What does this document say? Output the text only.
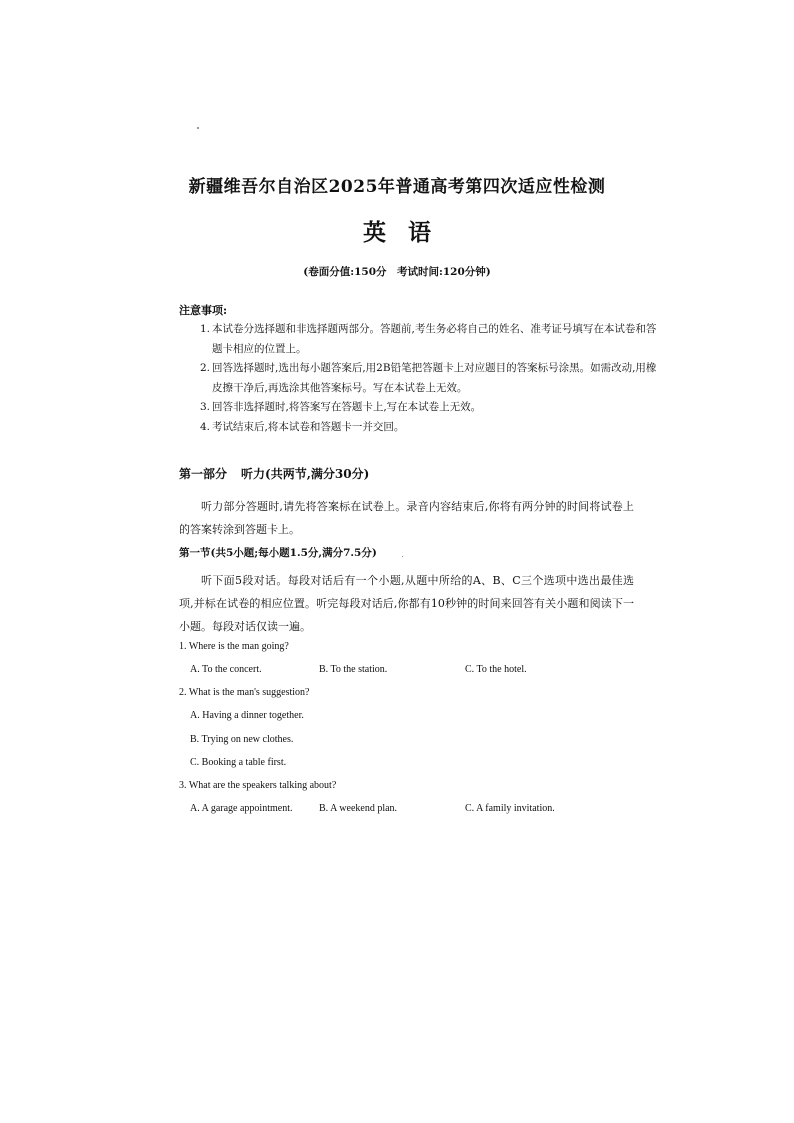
新疆维吾尔自治区2025年普通高考第四次适应性检测
英语
(卷面分值:150分　考试时间:120分钟)
注意事项:
1. 本试卷分选择题和非选择题两部分。答题前,考生务必将自己的姓名、准考证号填写在本试卷和答题卡相应的位置上。
2. 回答选择题时,选出每小题答案后,用2B铅笔把答题卡上对应题目的答案标号涂黑。如需改动,用橡皮擦干净后,再选涂其他答案标号。写在本试卷上无效。
3. 回答非选择题时,将答案写在答题卡上,写在本试卷上无效。
4. 考试结束后,将本试卷和答题卡一并交回。
第一部分 听力(共两节,满分30分)
听力部分答题时,请先将答案标在试卷上。录音内容结束后,你将有两分钟的时间将试卷上的答案转涂到答题卡上。
第一节(共5小题;每小题1.5分,满分7.5分)
听下面5段对话。每段对话后有一个小题,从题中所给的A、B、C三个选项中选出最佳选项,并标在试卷的相应位置。听完每段对话后,你都有10秒钟的时间来回答有关小题和阅读下一小题。每段对话仅读一遍。
1. Where is the man going?
A. To the concert.	B. To the station.	C. To the hotel.
2. What is the man's suggestion?
A. Having a dinner together.
B. Trying on new clothes.
C. Booking a table first.
3. What are the speakers talking about?
A. A garage appointment.	B. A weekend plan.	C. A family invitation.
